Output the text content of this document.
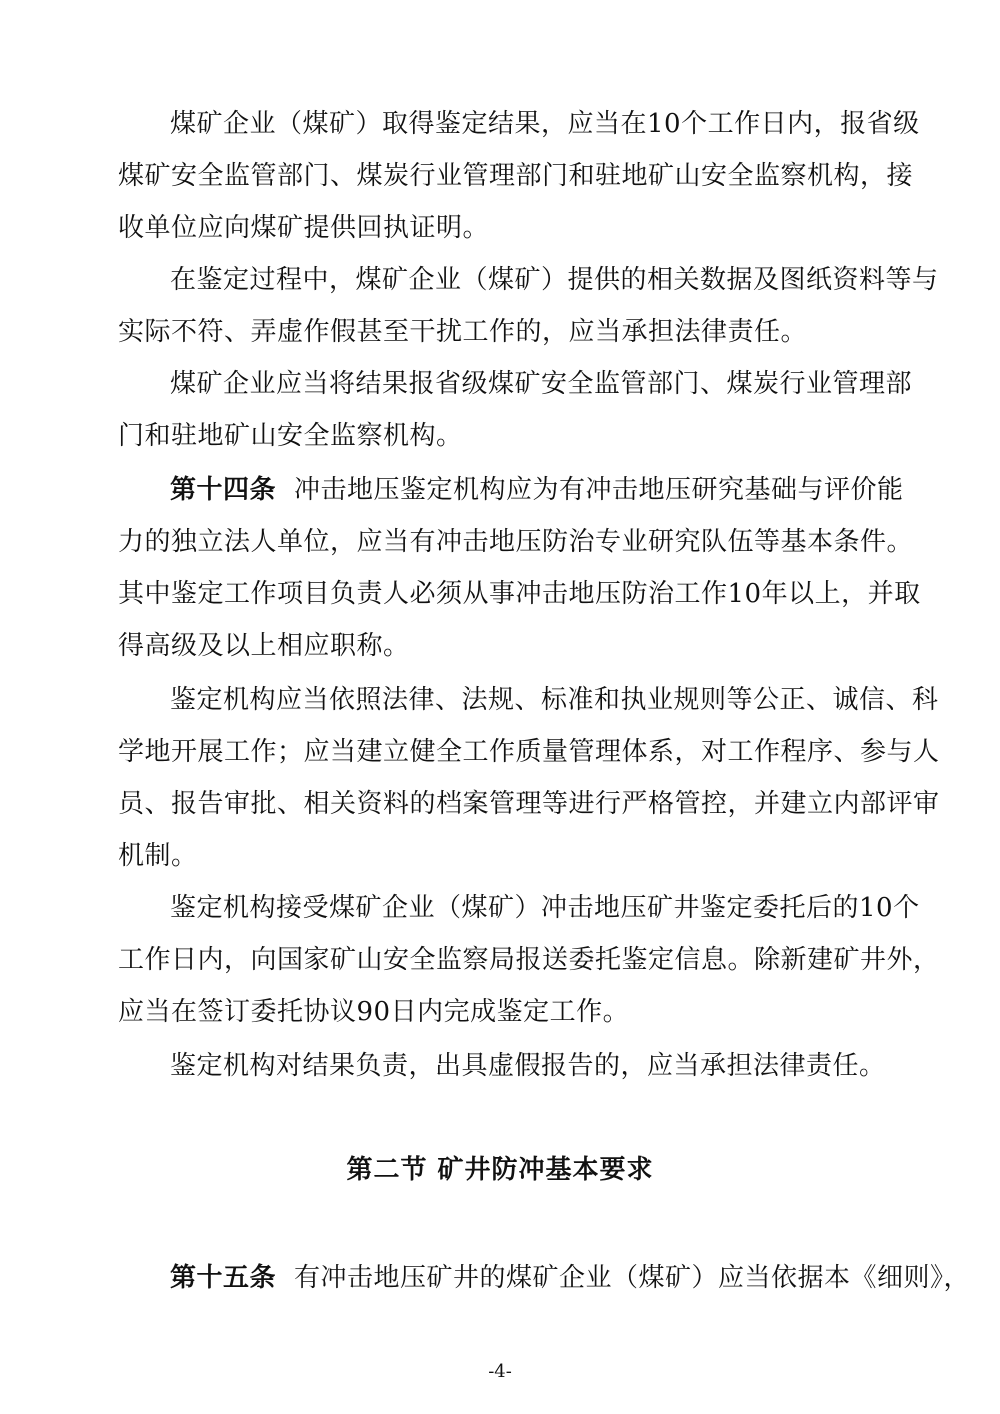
煤矿企业（煤矿）取得鉴定结果，应当在10个工作日内，报省级
煤矿安全监管部门、煤炭行业管理部门和驻地矿山安全监察机构，接
收单位应向煤矿提供回执证明。
在鉴定过程中，煤矿企业（煤矿）提供的相关数据及图纸资料等与
实际不符、弄虚作假甚至干扰工作的，应当承担法律责任。
煤矿企业应当将结果报省级煤矿安全监管部门、煤炭行业管理部
门和驻地矿山安全监察机构。
第十四条 冲击地压鉴定机构应为有冲击地压研究基础与评价能
力的独立法人单位，应当有冲击地压防治专业研究队伍等基本条件。
其中鉴定工作项目负责人必须从事冲击地压防治工作10年以上，并取
得高级及以上相应职称。
鉴定机构应当依照法律、法规、标准和执业规则等公正、诚信、科
学地开展工作；应当建立健全工作质量管理体系，对工作程序、参与人
员、报告审批、相关资料的档案管理等进行严格管控，并建立内部评审
机制。
鉴定机构接受煤矿企业（煤矿）冲击地压矿井鉴定委托后的10个
工作日内，向国家矿山安全监察局报送委托鉴定信息。除新建矿井外，
应当在签订委托协议90日内完成鉴定工作。
鉴定机构对结果负责，出具虚假报告的，应当承担法律责任。
第二节 矿井防冲基本要求
第十五条 有冲击地压矿井的煤矿企业（煤矿）应当依据本《细则》，
-4-
